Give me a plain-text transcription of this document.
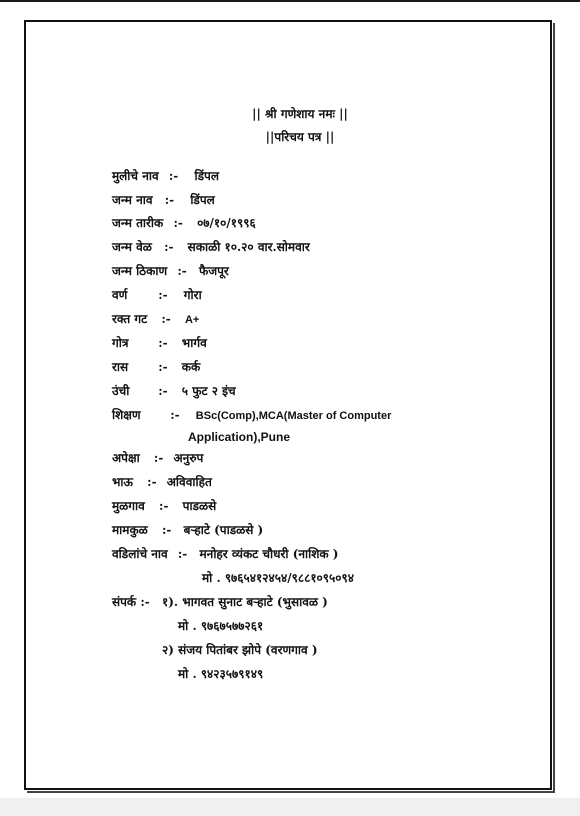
|| श्री गणेशाय नमः ||
||परिचय पत्र ||
मुलीचे नाव :- डिंपल
जन्म नाव :- डिंपल
जन्म तारीक :- ०७/१०/१९९६
जन्म वेळ :- सकाळी १०.२० वार.सोमवार
जन्म ठिकाण :- फैजपूर
वर्ण	:- गोरा
रक्त गट :- A+
गोत्र :- भार्गव
रास	:- कर्क
उंची :- ५ फुट २ इंच
शिक्षण :- BSc(Comp),MCA(Master of Computer
Application),Pune
अपेक्षा :- अनुरुप
भाऊ :- अविवाहित
मुळगाव :- पाडळसे
मामकुळ :- बऱ्हाटे (पाडळसे )
वडिलांचे नाव :- मनोहर व्यंकट चौधरी (नाशिक )
मो . ९७६५४१२४५४/९८८१०९५०९४
संपर्क :- १). भागवत सुनाट बऱ्हाटे (भुसावळ )
मो . ९७६७५७७२६१
२) संजय पितांबर झोपे (वरणगाव )
मो . ९४२३५७९१४९
